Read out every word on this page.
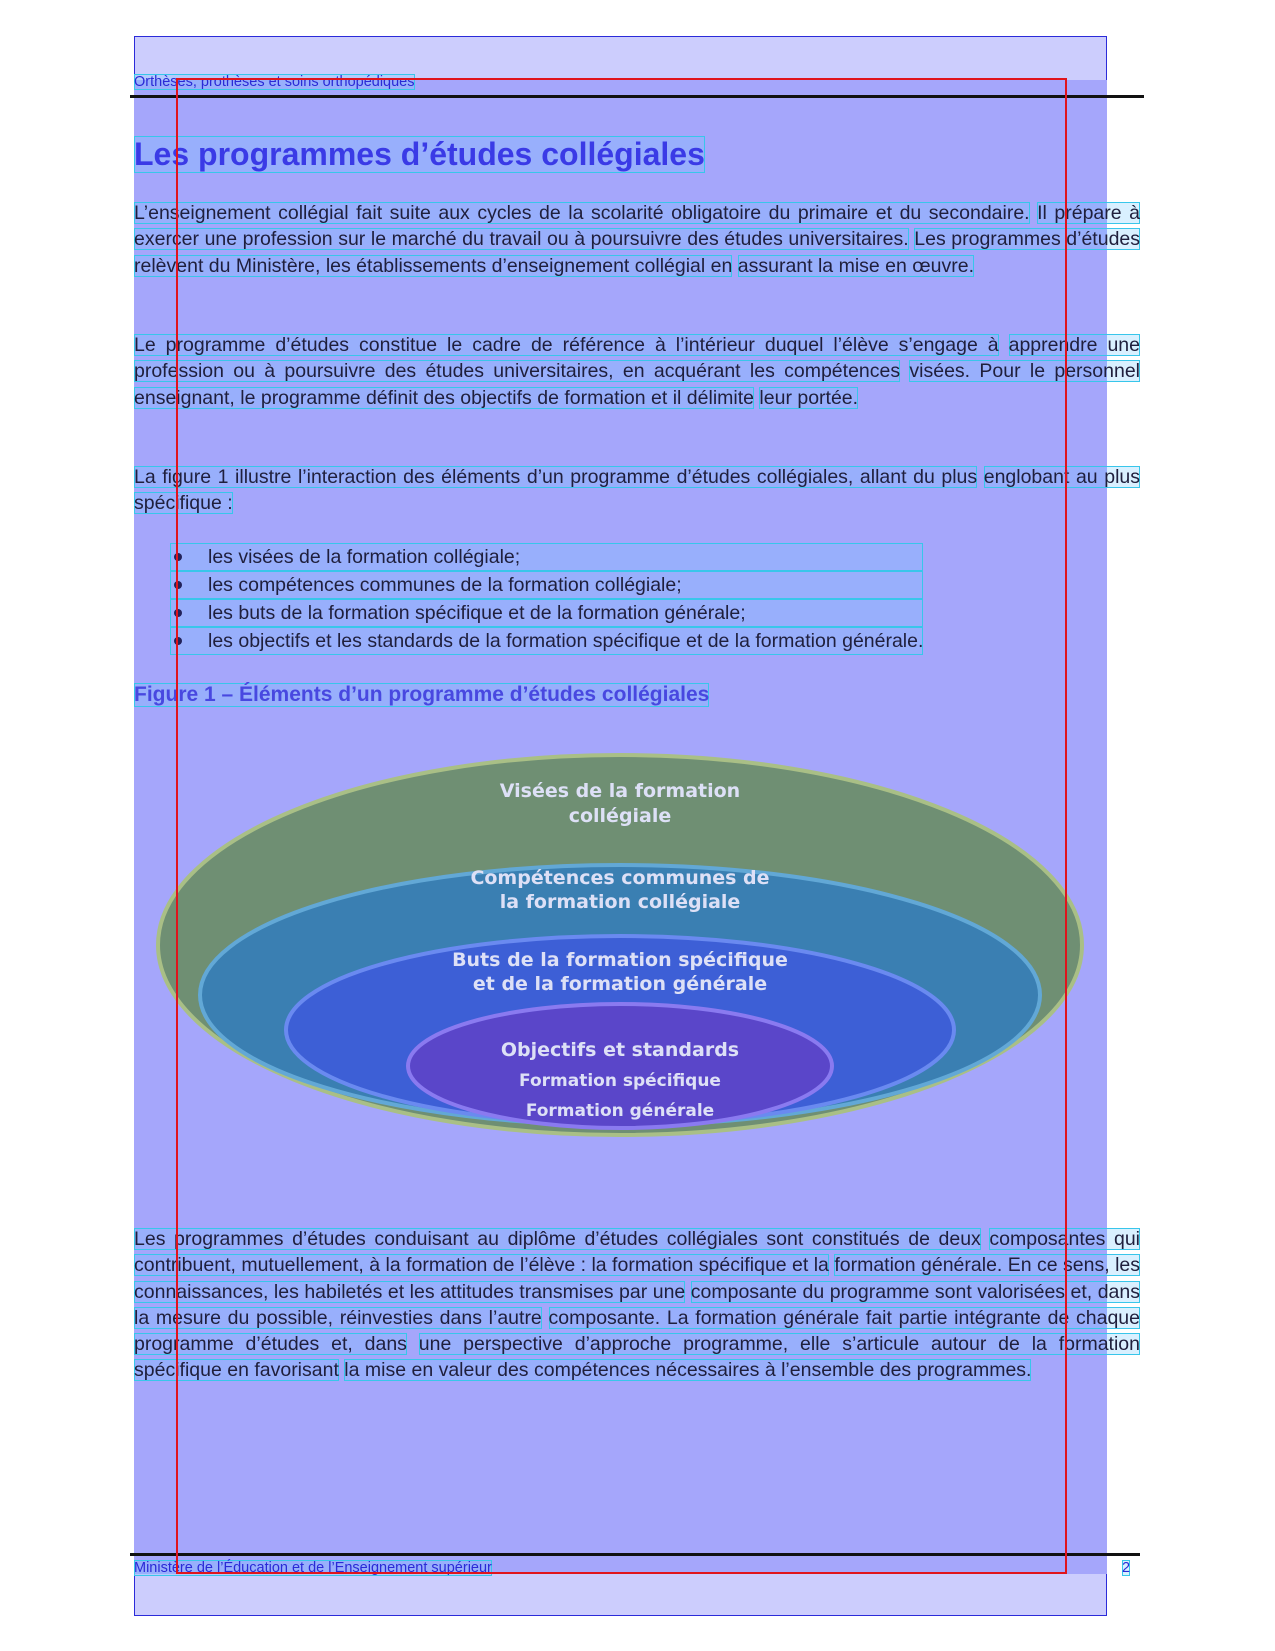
Orthèses, prothèses et soins orthopédiques
Les programmes d’études collégiales

L’enseignement collégial fait suite aux cycles de la scolarité obligatoire du primaire et du secondaire. Il prépare à exercer une profession sur le marché du travail ou à poursuivre des études universitaires. Les programmes d’études relèvent du Ministère, les établissements d’enseignement collégial en assurant la mise en œuvre.

Le programme d’études constitue le cadre de référence à l’intérieur duquel l’élève s’engage à apprendre une profession ou à poursuivre des études universitaires, en acquérant les compétences visées. Pour le personnel enseignant, le programme définit des objectifs de formation et il délimite leur portée.

La figure 1 illustre l’interaction des éléments d’un programme d’études collégiales, allant du plus englobant au plus spécifique :

les visées de la formation collégiale;
les compétences communes de la formation collégiale;
les buts de la formation spécifique et de la formation générale;
les objectifs et les standards de la formation spécifique et de la formation générale.
Figure 1 – Éléments d’un programme d’études collégiales
Visées de la formation
collégiale
Compétences communes de
la formation collégiale
Buts de la formation spécifique
et de la formation générale
Objectifs et standards
Formation spécifique
Formation générale

Les programmes d’études conduisant au diplôme d’études collégiales sont constitués de deux composantes qui contribuent, mutuellement, à la formation de l’élève : la formation spécifique et la formation générale. En ce sens, les connaissances, les habiletés et les attitudes transmises par une composante du programme sont valorisées et, dans la mesure du possible, réinvesties dans l’autre composante. La formation générale fait partie intégrante de chaque programme d’études et, dans une perspective d’approche programme, elle s’articule autour de la formation spécifique en favorisant la mise en valeur des compétences nécessaires à l’ensemble des programmes.

Ministère de l’Éducation et de l’Enseignement supérieur	2
